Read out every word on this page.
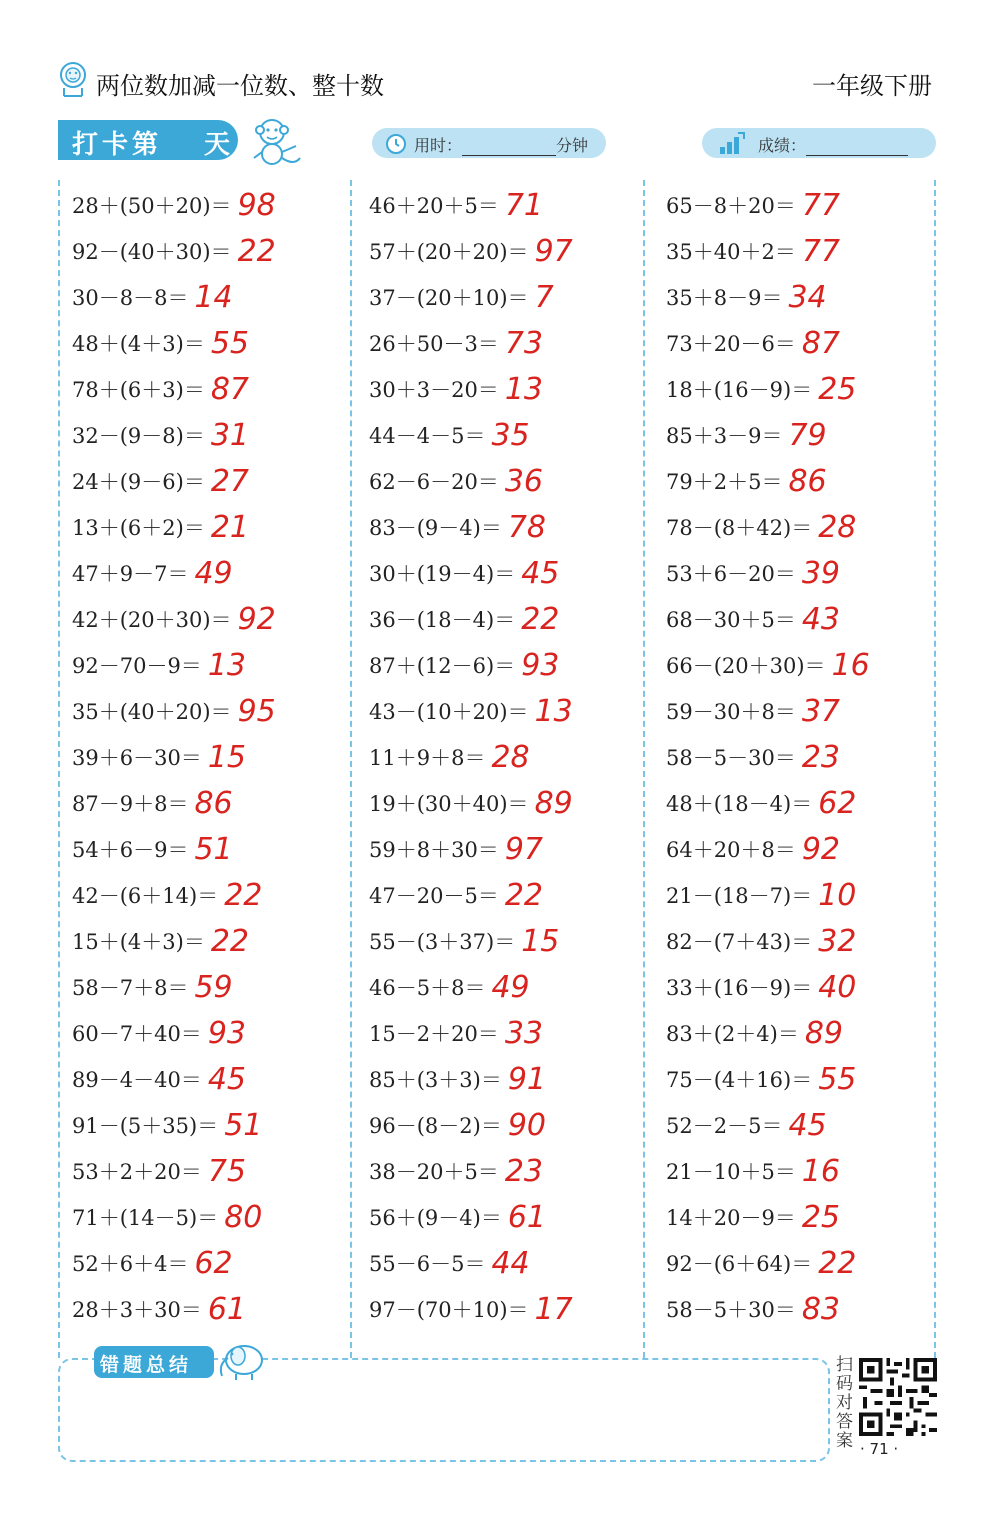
两位数加减一位数、整十数	一年级下册
打卡第 天	用时：	分钟	成绩：
28＋(50＋20)＝ 98
92－(40＋30)＝ 22
30－8－8＝ 14
48＋(4＋3)＝ 55
78＋(6＋3)＝ 87
32－(9－8)＝ 31
24＋(9－6)＝ 27
13＋(6＋2)＝ 21
47＋9－7＝ 49
42＋(20＋30)＝ 92
92－70－9＝ 13
35＋(40＋20)＝ 95
39＋6－30＝ 15
87－9＋8＝ 86
54＋6－9＝ 51
42－(6＋14)＝ 22
15＋(4＋3)＝ 22
58－7＋8＝ 59
60－7＋40＝ 93
89－4－40＝ 45
91－(5＋35)＝ 51
53＋2＋20＝ 75
71＋(14－5)＝ 80
52＋6＋4＝ 62
28＋3＋30＝ 61
46＋20＋5＝ 71
57＋(20＋20)＝ 97
37－(20＋10)＝ 7
26＋50－3＝ 73
30＋3－20＝ 13
44－4－5＝ 35
62－6－20＝ 36
83－(9－4)＝ 78
30＋(19－4)＝ 45
36－(18－4)＝ 22
87＋(12－6)＝ 93
43－(10＋20)＝ 13
11＋9＋8＝ 28
19＋(30＋40)＝ 89
59＋8＋30＝ 97
47－20－5＝ 22
55－(3＋37)＝ 15
46－5＋8＝ 49
15－2＋20＝ 33
85＋(3＋3)＝ 91
96－(8－2)＝ 90
38－20＋5＝ 23
56＋(9－4)＝ 61
55－6－5＝ 44
97－(70＋10)＝ 17
65－8＋20＝ 77
35＋40＋2＝ 77
35＋8－9＝ 34
73＋20－6＝ 87
18＋(16－9)＝ 25
85＋3－9＝ 79
79＋2＋5＝ 86
78－(8＋42)＝ 28
53＋6－20＝ 39
68－30＋5＝ 43
66－(20＋30)＝ 16
59－30＋8＝ 37
58－5－30＝ 23
48＋(18－4)＝ 62
64＋20＋8＝ 92
21－(18－7)＝ 10
82－(7＋43)＝ 32
33＋(16－9)＝ 40
83＋(2＋4)＝ 89
75－(4＋16)＝ 55
52－2－5＝ 45
21－10＋5＝ 16
14＋20－9＝ 25
92－(6＋64)＝ 22
58－5＋30＝ 83
错题总结	扫码对答案 · 71 ·
